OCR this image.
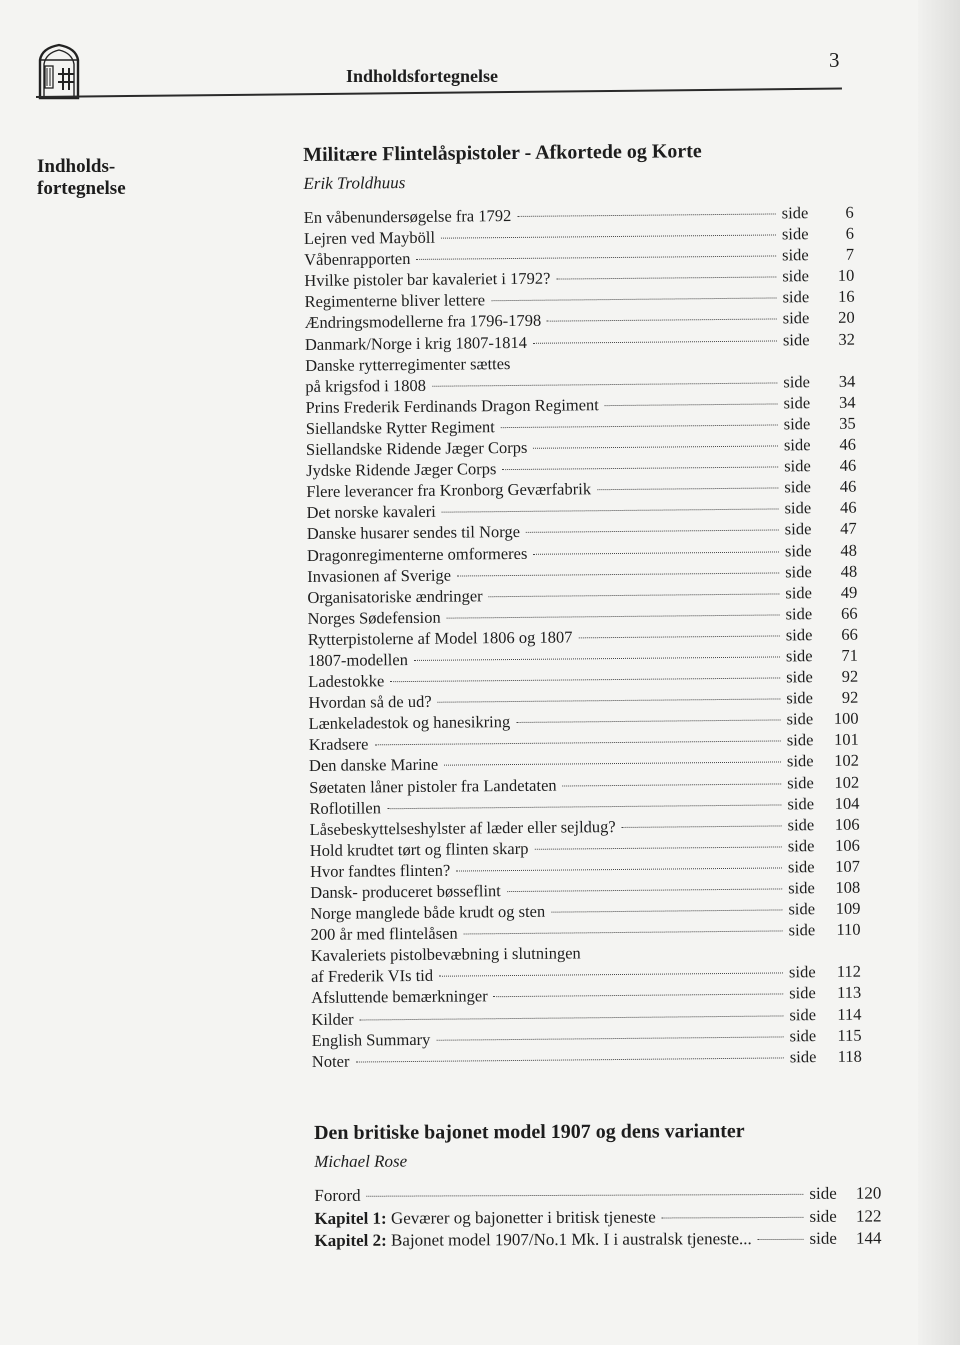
Indholdsfortegnelse
3
Indholds-
fortegnelse
Militære Flintelåspistoler - Afkortede og Korte
Erik Troldhuus
En våbenundersøgelse fra 1792	side	6
Lejren ved Mayböll	side	6
Våbenrapporten	side	7
Hvilke pistoler bar kavaleriet i 1792?	side	10
Regimenterne bliver lettere	side	16
Ændringsmodellerne fra 1796-1798	side	20
Danmark/Norge i krig 1807-1814	side	32
Danske rytterregimenter sættes
på krigsfod i 1808	side	34
Prins Frederik Ferdinands Dragon Regiment	side	34
Siellandske Rytter Regiment	side	35
Siellandske Ridende Jæger Corps	side	46
Jydske Ridende Jæger Corps	side	46
Flere leverancer fra Kronborg Geværfabrik	side	46
Det norske kavaleri	side	46
Danske husarer sendes til Norge	side	47
Dragonregimenterne omformeres	side	48
Invasionen af Sverige	side	48
Organisatoriske ændringer	side	49
Norges Sødefension	side	66
Rytterpistolerne af Model 1806 og 1807	side	66
1807-modellen	side	71
Ladestokke	side	92
Hvordan så de ud?	side	92
Lænkeladestok og hanesikring	side	100
Kradsere	side	101
Den danske Marine	side	102
Søetaten låner pistoler fra Landetaten	side	102
Roflotillen	side	104
Låsebeskyttelseshylster af læder eller sejldug?	side	106
Hold krudtet tørt og flinten skarp	side	106
Hvor fandtes flinten?	side	107
Dansk- produceret bøsseflint	side	108
Norge manglede både krudt og sten	side	109
200 år med flintelåsen	side	110
Kavaleriets pistolbevæbning i slutningen
af Frederik VIs tid	side	112
Afsluttende bemærkninger	side	113
Kilder	side	114
English Summary	side	115
Noter	side	118
Den britiske bajonet model 1907 og dens varianter
Michael Rose
Forord	side	120
Kapitel 1: Geværer og bajonetter i britisk tjeneste	side	122
Kapitel 2: Bajonet model 1907/No.1 Mk. I i australsk tjeneste...	side	144
